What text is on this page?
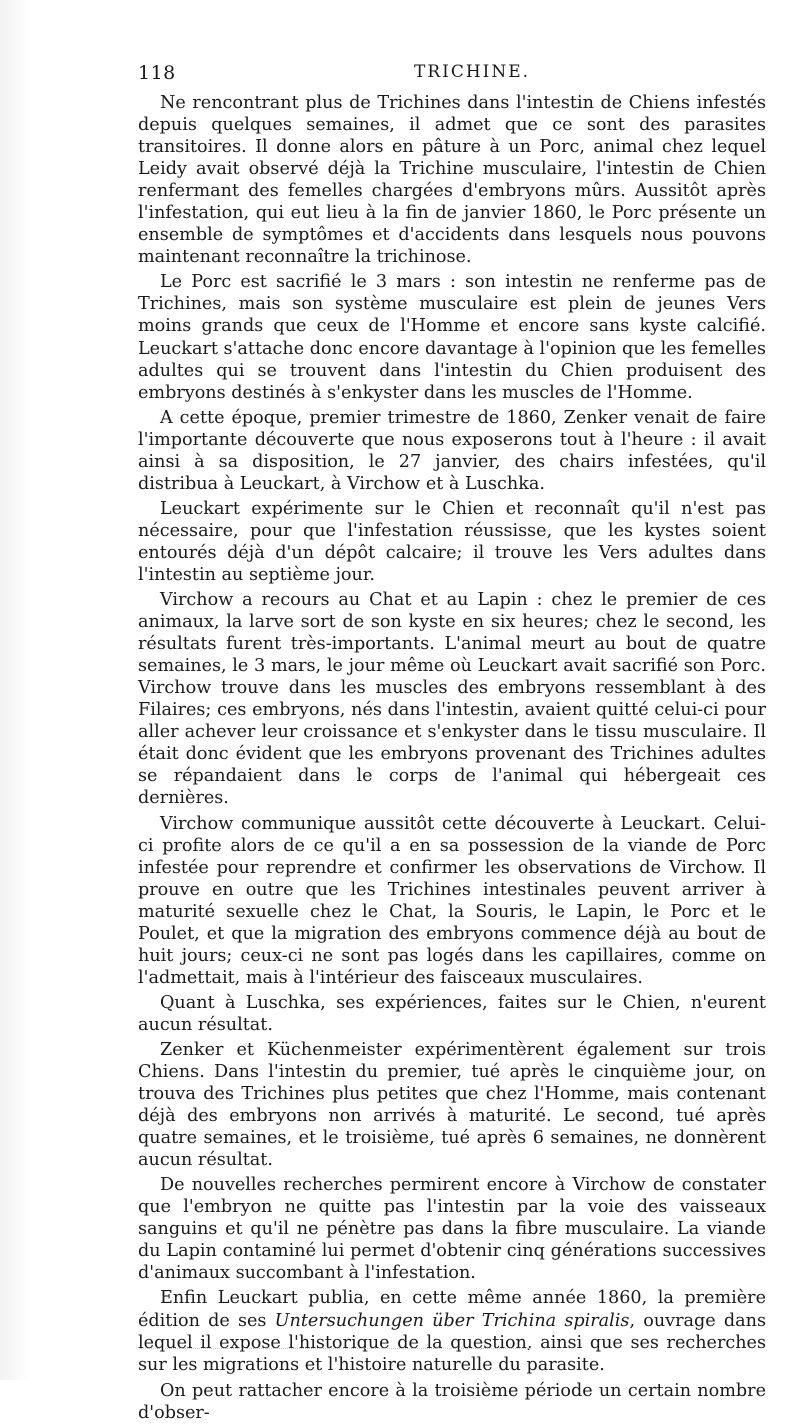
118	TRICHINE.

Ne rencontrant plus de Trichines dans l'intestin de Chiens infestés depuis quelques semaines, il admet que ce sont des parasites transitoires. Il donne alors en pâture à un Porc, animal chez lequel Leidy avait observé déjà la Trichine musculaire, l'intestin de Chien renfermant des femelles chargées d'embryons mûrs. Aussitôt après l'infestation, qui eut lieu à la fin de janvier 1860, le Porc présente un ensemble de symptômes et d'accidents dans lesquels nous pouvons maintenant reconnaître la trichinose.

Le Porc est sacrifié le 3 mars : son intestin ne renferme pas de Trichines, mais son système musculaire est plein de jeunes Vers moins grands que ceux de l'Homme et encore sans kyste calcifié. Leuckart s'attache donc encore davantage à l'opinion que les femelles adultes qui se trouvent dans l'intestin du Chien produisent des embryons destinés à s'enkyster dans les muscles de l'Homme.

A cette époque, premier trimestre de 1860, Zenker venait de faire l'importante découverte que nous exposerons tout à l'heure : il avait ainsi à sa disposition, le 27 janvier, des chairs infestées, qu'il distribua à Leuckart, à Virchow et à Luschka.

Leuckart expérimente sur le Chien et reconnaît qu'il n'est pas nécessaire, pour que l'infestation réussisse, que les kystes soient entourés déjà d'un dépôt calcaire; il trouve les Vers adultes dans l'intestin au septième jour.

Virchow a recours au Chat et au Lapin : chez le premier de ces animaux, la larve sort de son kyste en six heures; chez le second, les résultats furent très-importants. L'animal meurt au bout de quatre semaines, le 3 mars, le jour même où Leuckart avait sacrifié son Porc. Virchow trouve dans les muscles des embryons ressemblant à des Filaires; ces embryons, nés dans l'intestin, avaient quitté celui-ci pour aller achever leur croissance et s'enkyster dans le tissu musculaire. Il était donc évident que les embryons provenant des Trichines adultes se répandaient dans le corps de l'animal qui hébergeait ces dernières.

Virchow communique aussitôt cette découverte à Leuckart. Celui-ci profite alors de ce qu'il a en sa possession de la viande de Porc infestée pour reprendre et confirmer les observations de Virchow. Il prouve en outre que les Trichines intestinales peuvent arriver à maturité sexuelle chez le Chat, la Souris, le Lapin, le Porc et le Poulet, et que la migration des embryons commence déjà au bout de huit jours; ceux-ci ne sont pas logés dans les capillaires, comme on l'admettait, mais à l'intérieur des faisceaux musculaires.

Quant à Luschka, ses expériences, faites sur le Chien, n'eurent aucun résultat.

Zenker et Küchenmeister expérimentèrent également sur trois Chiens. Dans l'intestin du premier, tué après le cinquième jour, on trouva des Trichines plus petites que chez l'Homme, mais contenant déjà des embryons non arrivés à maturité. Le second, tué après quatre semaines, et le troisième, tué après 6 semaines, ne donnèrent aucun résultat.

De nouvelles recherches permirent encore à Virchow de constater que l'embryon ne quitte pas l'intestin par la voie des vaisseaux sanguins et qu'il ne pénètre pas dans la fibre musculaire. La viande du Lapin contaminé lui permet d'obtenir cinq générations successives d'animaux succombant à l'infestation.

Enfin Leuckart publia, en cette même année 1860, la première édition de ses Untersuchungen über Trichina spiralis, ouvrage dans lequel il expose l'historique de la question, ainsi que ses recherches sur les migrations et l'histoire naturelle du parasite.

On peut rattacher encore à la troisième période un certain nombre d'obser-
